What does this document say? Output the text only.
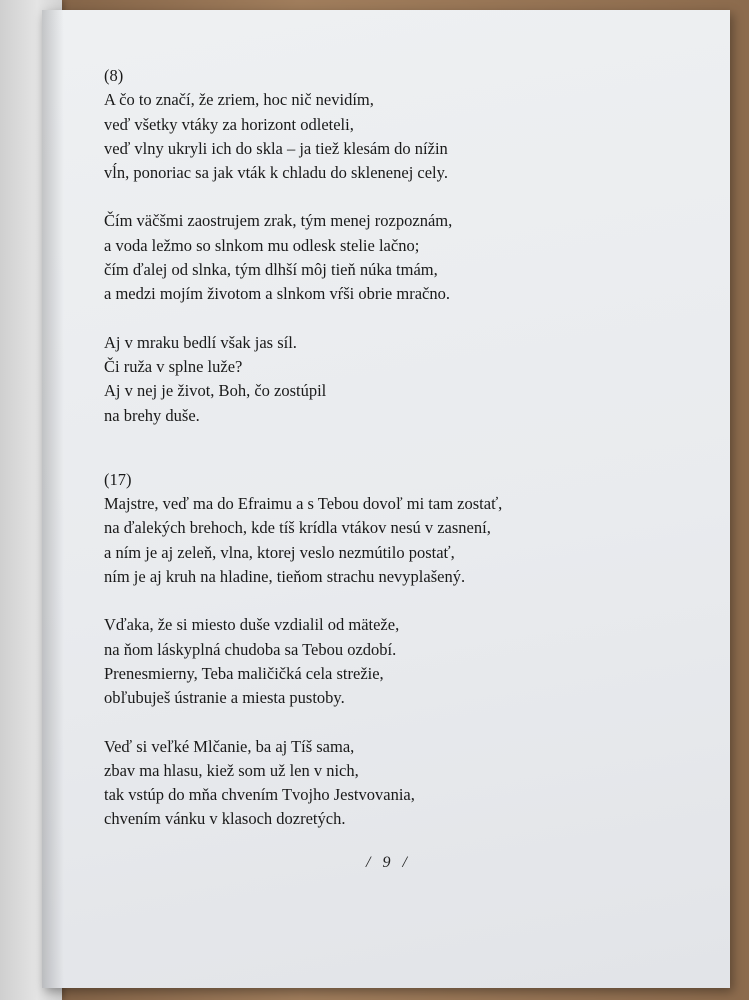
(8)
A čo to značí, že zriem, hoc nič nevidím,
veď všetky vtáky za horizont odleteli,
veď vlny ukryli ich do skla – ja tiež klesám do nížin
vĺn, ponoriac sa jak vták k chladu do sklenenej cely.
Čím väčšmi zaostrujem zrak, tým menej rozpoznám,
a voda ležmo so slnkom mu odlesk stelie lačno;
čím ďalej od slnka, tým dlhší môj tieň núka tmám,
a medzi mojím životom a slnkom vŕši obrie mračno.
Aj v mraku bedlí však jas síl.
Či ruža v splne luže?
Aj v nej je život, Boh, čo zostúpil
na brehy duše.
(17)
Majstre, veď ma do Efraimu a s Tebou dovoľ mi tam zostať,
na ďalekých brehoch, kde tíš krídla vtákov nesú v zasnení,
a ním je aj zeleň, vlna, ktorej veslo nezmútilo postať,
ním je aj kruh na hladine, tieňom strachu nevyplašený.
Vďaka, že si miesto duše vzdialil od mäteže,
na ňom láskyplná chudoba sa Tebou ozdobí.
Prenesmierny, Teba maličičká cela strežie,
obľubuješ ústranie a miesta pustoby.
Veď si veľké Mlčanie, ba aj Tíš sama,
zbav ma hlasu, kiež som už len v nich,
tak vstúp do mňa chvením Tvojho Jestvovania,
chvením vánku v klasoch dozretých.
/ 9 /
